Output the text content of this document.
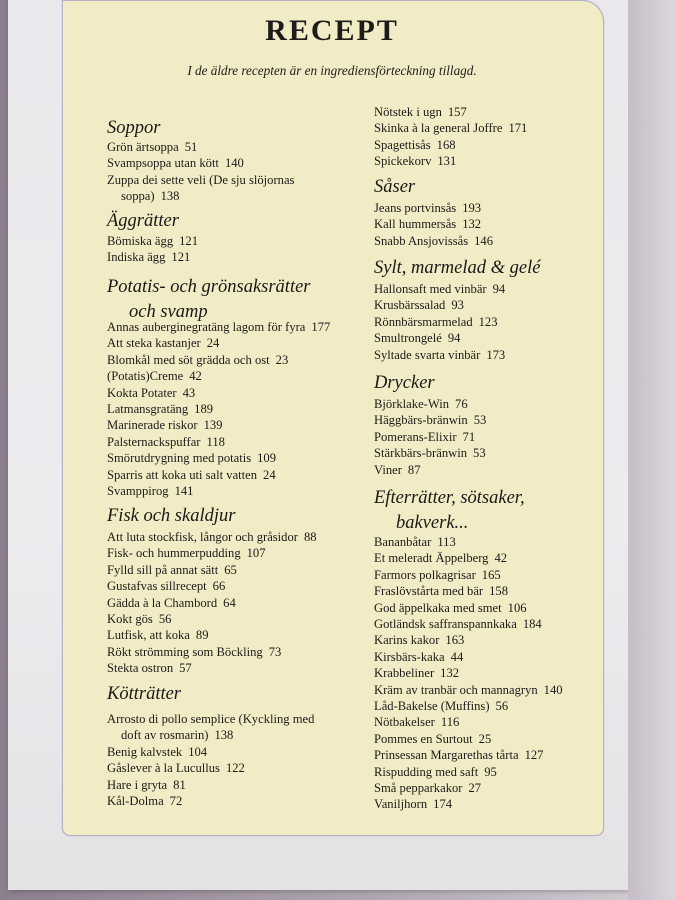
RECEPT

I de äldre recepten är en ingrediensförteckning tillagd.

Soppor
Grön ärtsoppa 51
Svampsoppa utan kött 140
Zuppa dei sette veli (De sju slöjornas
soppa) 138
Äggrätter
Bömiska ägg 121
Indiska ägg 121
Potatis- och grönsaksrätter
och svamp
Annas auberginegratäng lagom för fyra 177
Att steka kastanjer 24
Blomkål med söt grädda och ost 23
(Potatis)Creme 42
Kokta Potater 43
Latmansgratäng 189
Marinerade riskor 139
Palsternackspuffar 118
Smörutdrygning med potatis 109
Sparris att koka uti salt vatten 24
Svamppirog 141
Fisk och skaldjur
Att luta stockfisk, långor och gråsidor 88
Fisk- och hummerpudding 107
Fylld sill på annat sätt 65
Gustafvas sillrecept 66
Gädda à la Chambord 64
Kokt gös 56
Lutfisk, att koka 89
Rökt strömming som Böckling 73
Stekta ostron 57
Kötträtter
Arrosto di pollo semplice (Kyckling med
doft av rosmarin) 138
Benig kalvstek 104
Gåslever à la Lucullus 122
Hare i gryta 81
Kål-Dolma 72
Nötstek i ugn 157
Skinka à la general Joffre 171
Spagettisås 168
Spickekorv 131
Såser
Jeans portvinsås 193
Kall hummersås 132
Snabb Ansjovissås 146
Sylt, marmelad & gelé
Hallonsaft med vinbär 94
Krusbärssalad 93
Rönnbärsmarmelad 123
Smultrongelé 94
Syltade svarta vinbär 173
Drycker
Björklake-Win 76
Häggbärs-bränwin 53
Pomerans-Elixir 71
Stärkbärs-bränwin 53
Viner 87
Efterrätter, sötsaker,
bakverk...
Bananbåtar 113
Et meleradt Äppelberg 42
Farmors polkagrisar 165
Fraslövstårta med bär 158
God äppelkaka med smet 106
Gotländsk saffranspannkaka 184
Karins kakor 163
Kirsbärs-kaka 44
Krabbeliner 132
Kräm av tranbär och mannagryn 140
Låd-Bakelse (Muffins) 56
Nötbakelser 116
Pommes en Surtout 25
Prinsessan Margarethas tårta 127
Rispudding med saft 95
Små pepparkakor 27
Vaniljhorn 174
